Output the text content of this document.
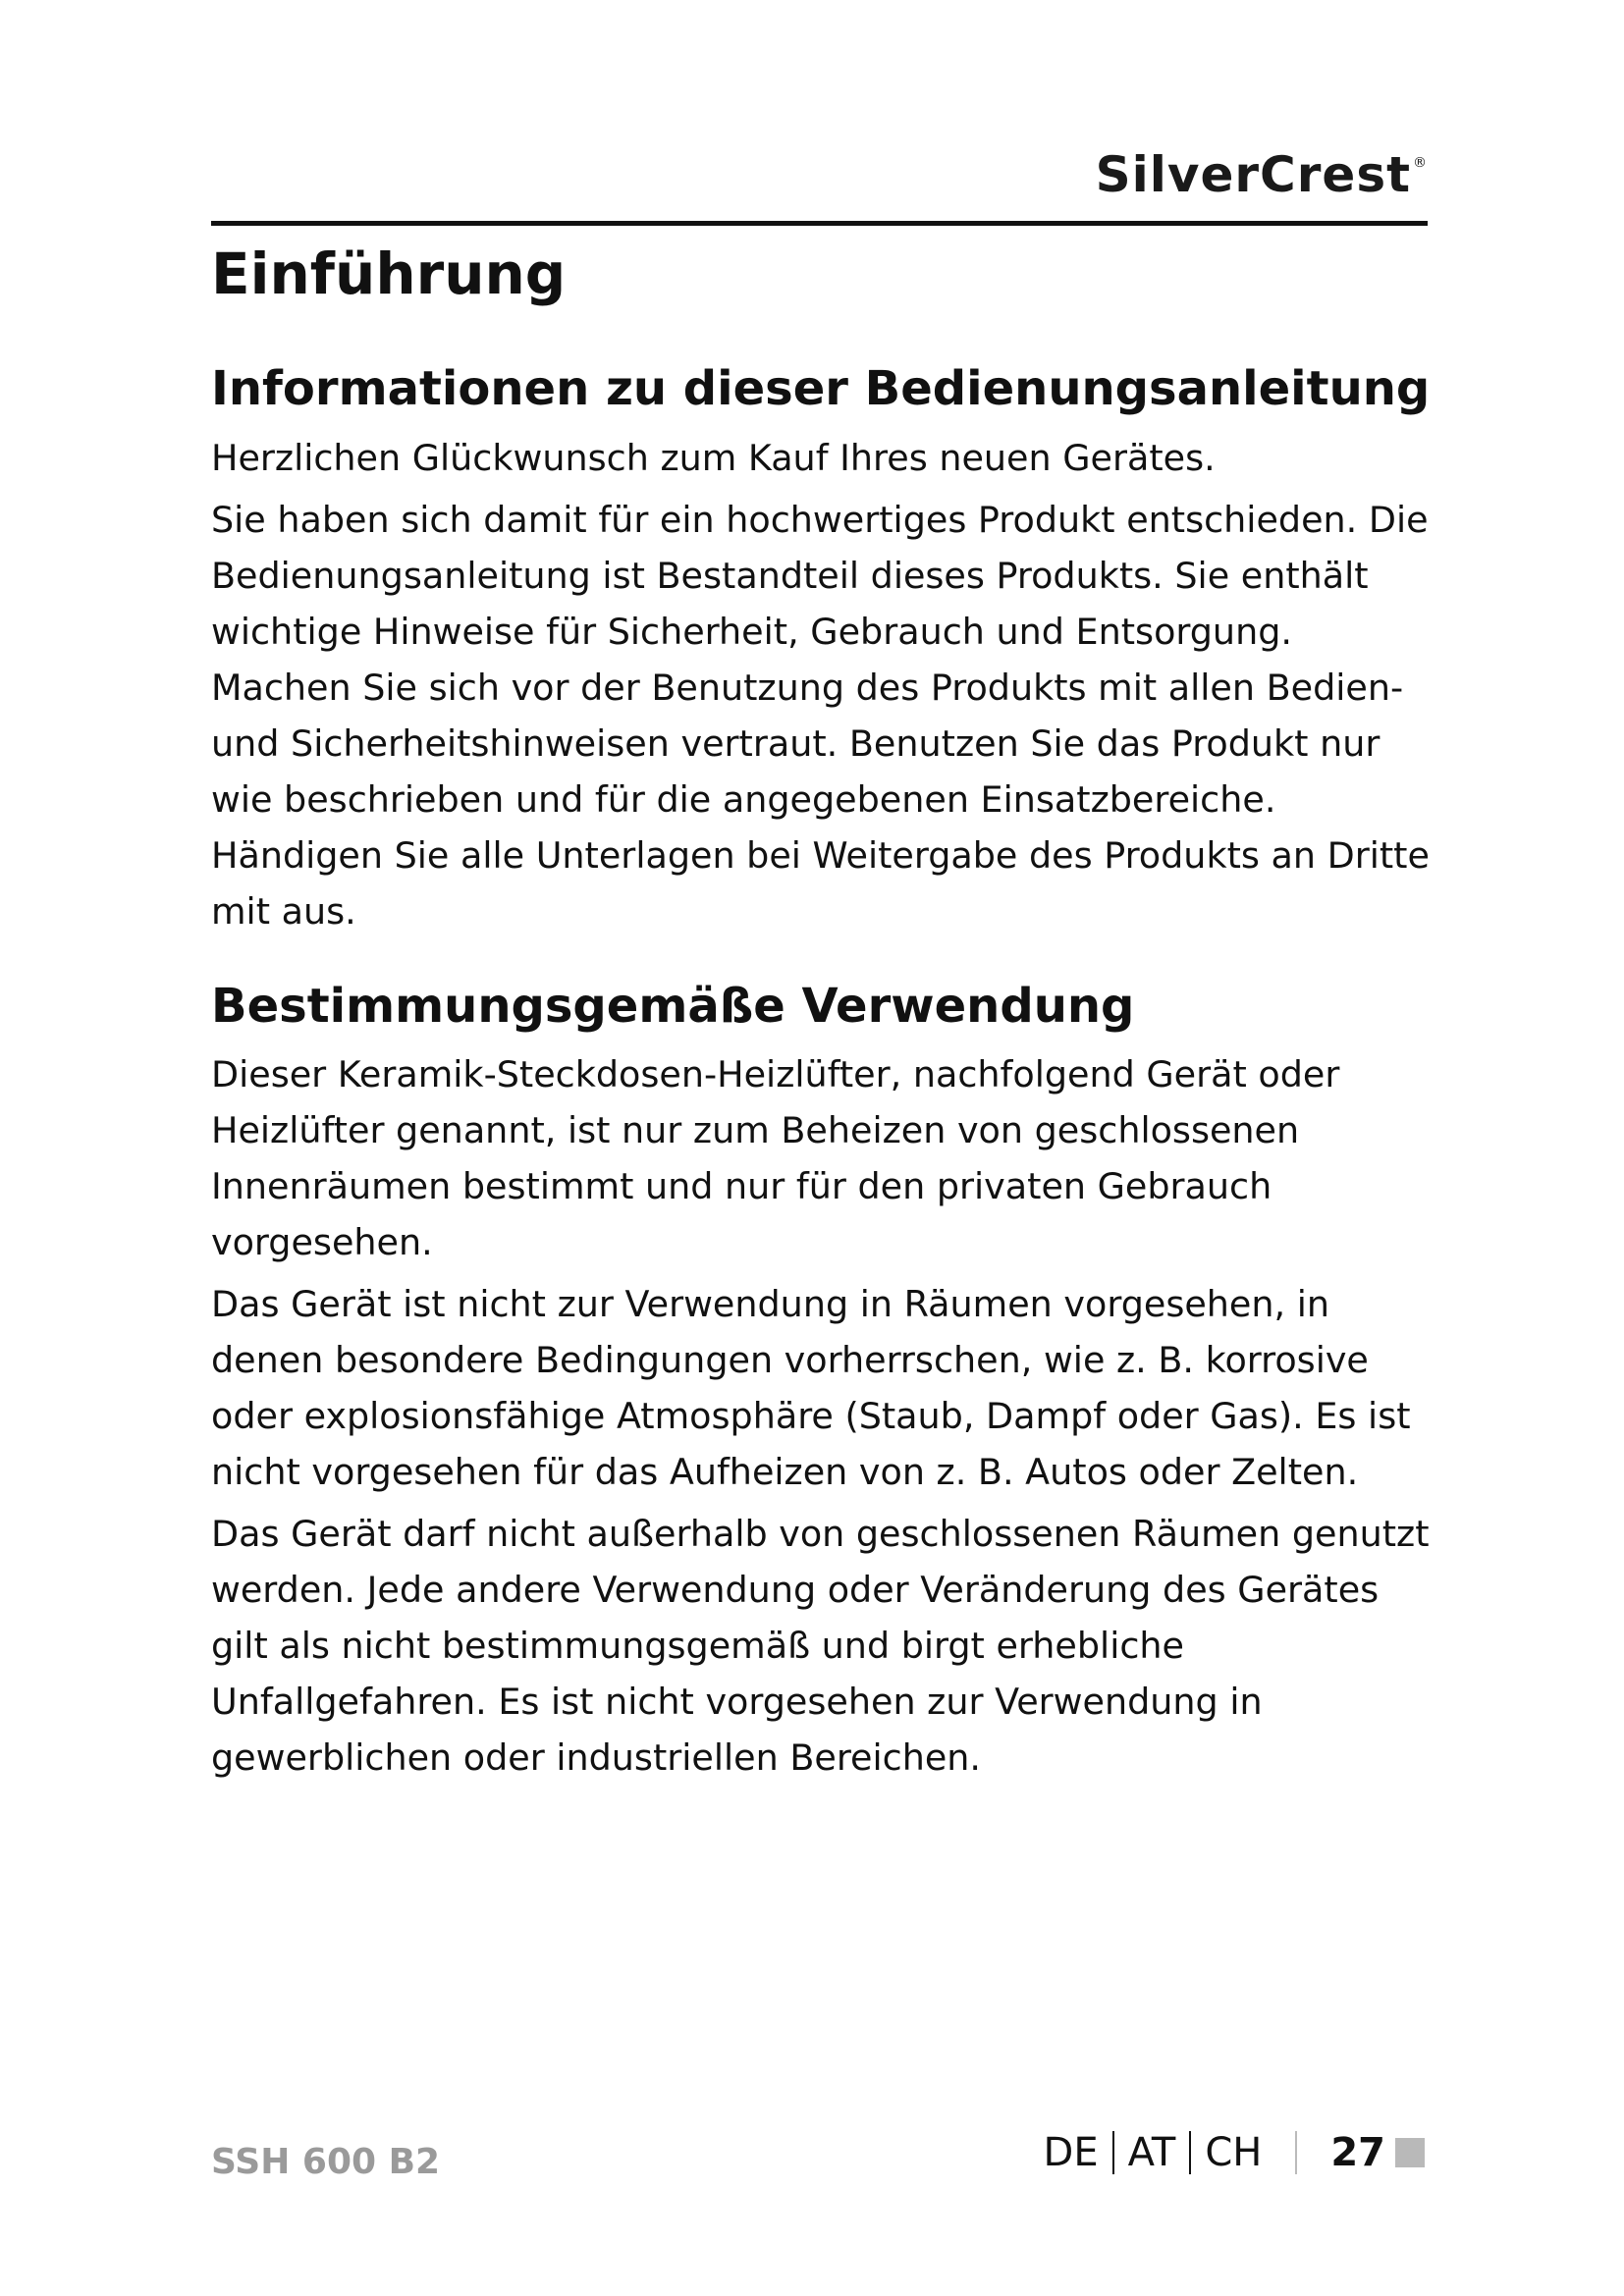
SilverCrest ®
Einführung
Informationen zu dieser Bedienungsanleitung

Herzlichen Glückwunsch zum Kauf Ihres neuen Gerätes.

Sie haben sich damit für ein hochwertiges Produkt entschieden. Die Bedienungsanleitung ist Bestandteil dieses Produkts. Sie enthält wichtige Hinweise für Sicherheit, Gebrauch und Entsorgung. Machen Sie sich vor der Benutzung des Produkts mit allen Bedien- und Sicherheitshinweisen vertraut. Benutzen Sie das Produkt nur wie beschrieben und für die angegebenen Einsatzbereiche. Händigen Sie alle Unterlagen bei Weitergabe des Produkts an Dritte mit aus.

Bestimmungsgemäße Verwendung

Dieser Keramik-Steckdosen-Heizlüfter, nachfolgend Gerät oder Heizlüfter genannt, ist nur zum Beheizen von geschlossenen Innenräumen bestimmt und nur für den privaten Gebrauch vorgesehen.

Das Gerät ist nicht zur Verwendung in Räumen vorgesehen, in denen besondere Bedingungen vorherrschen, wie z. B. korrosive oder explosionsfähige Atmosphäre (Staub, Dampf oder Gas). Es ist nicht vorgesehen für das Aufheizen von z. B. Autos oder Zelten.

Das Gerät darf nicht außerhalb von geschlossenen Räumen genutzt werden. Jede andere Verwendung oder Veränderung des Gerätes gilt als nicht bestimmungsgemäß und birgt erhebliche Unfallgefahren. Es ist nicht vorgesehen zur Verwendung in gewerblichen oder industriellen Bereichen.

SSH 600 B2	DE AT CH 27
